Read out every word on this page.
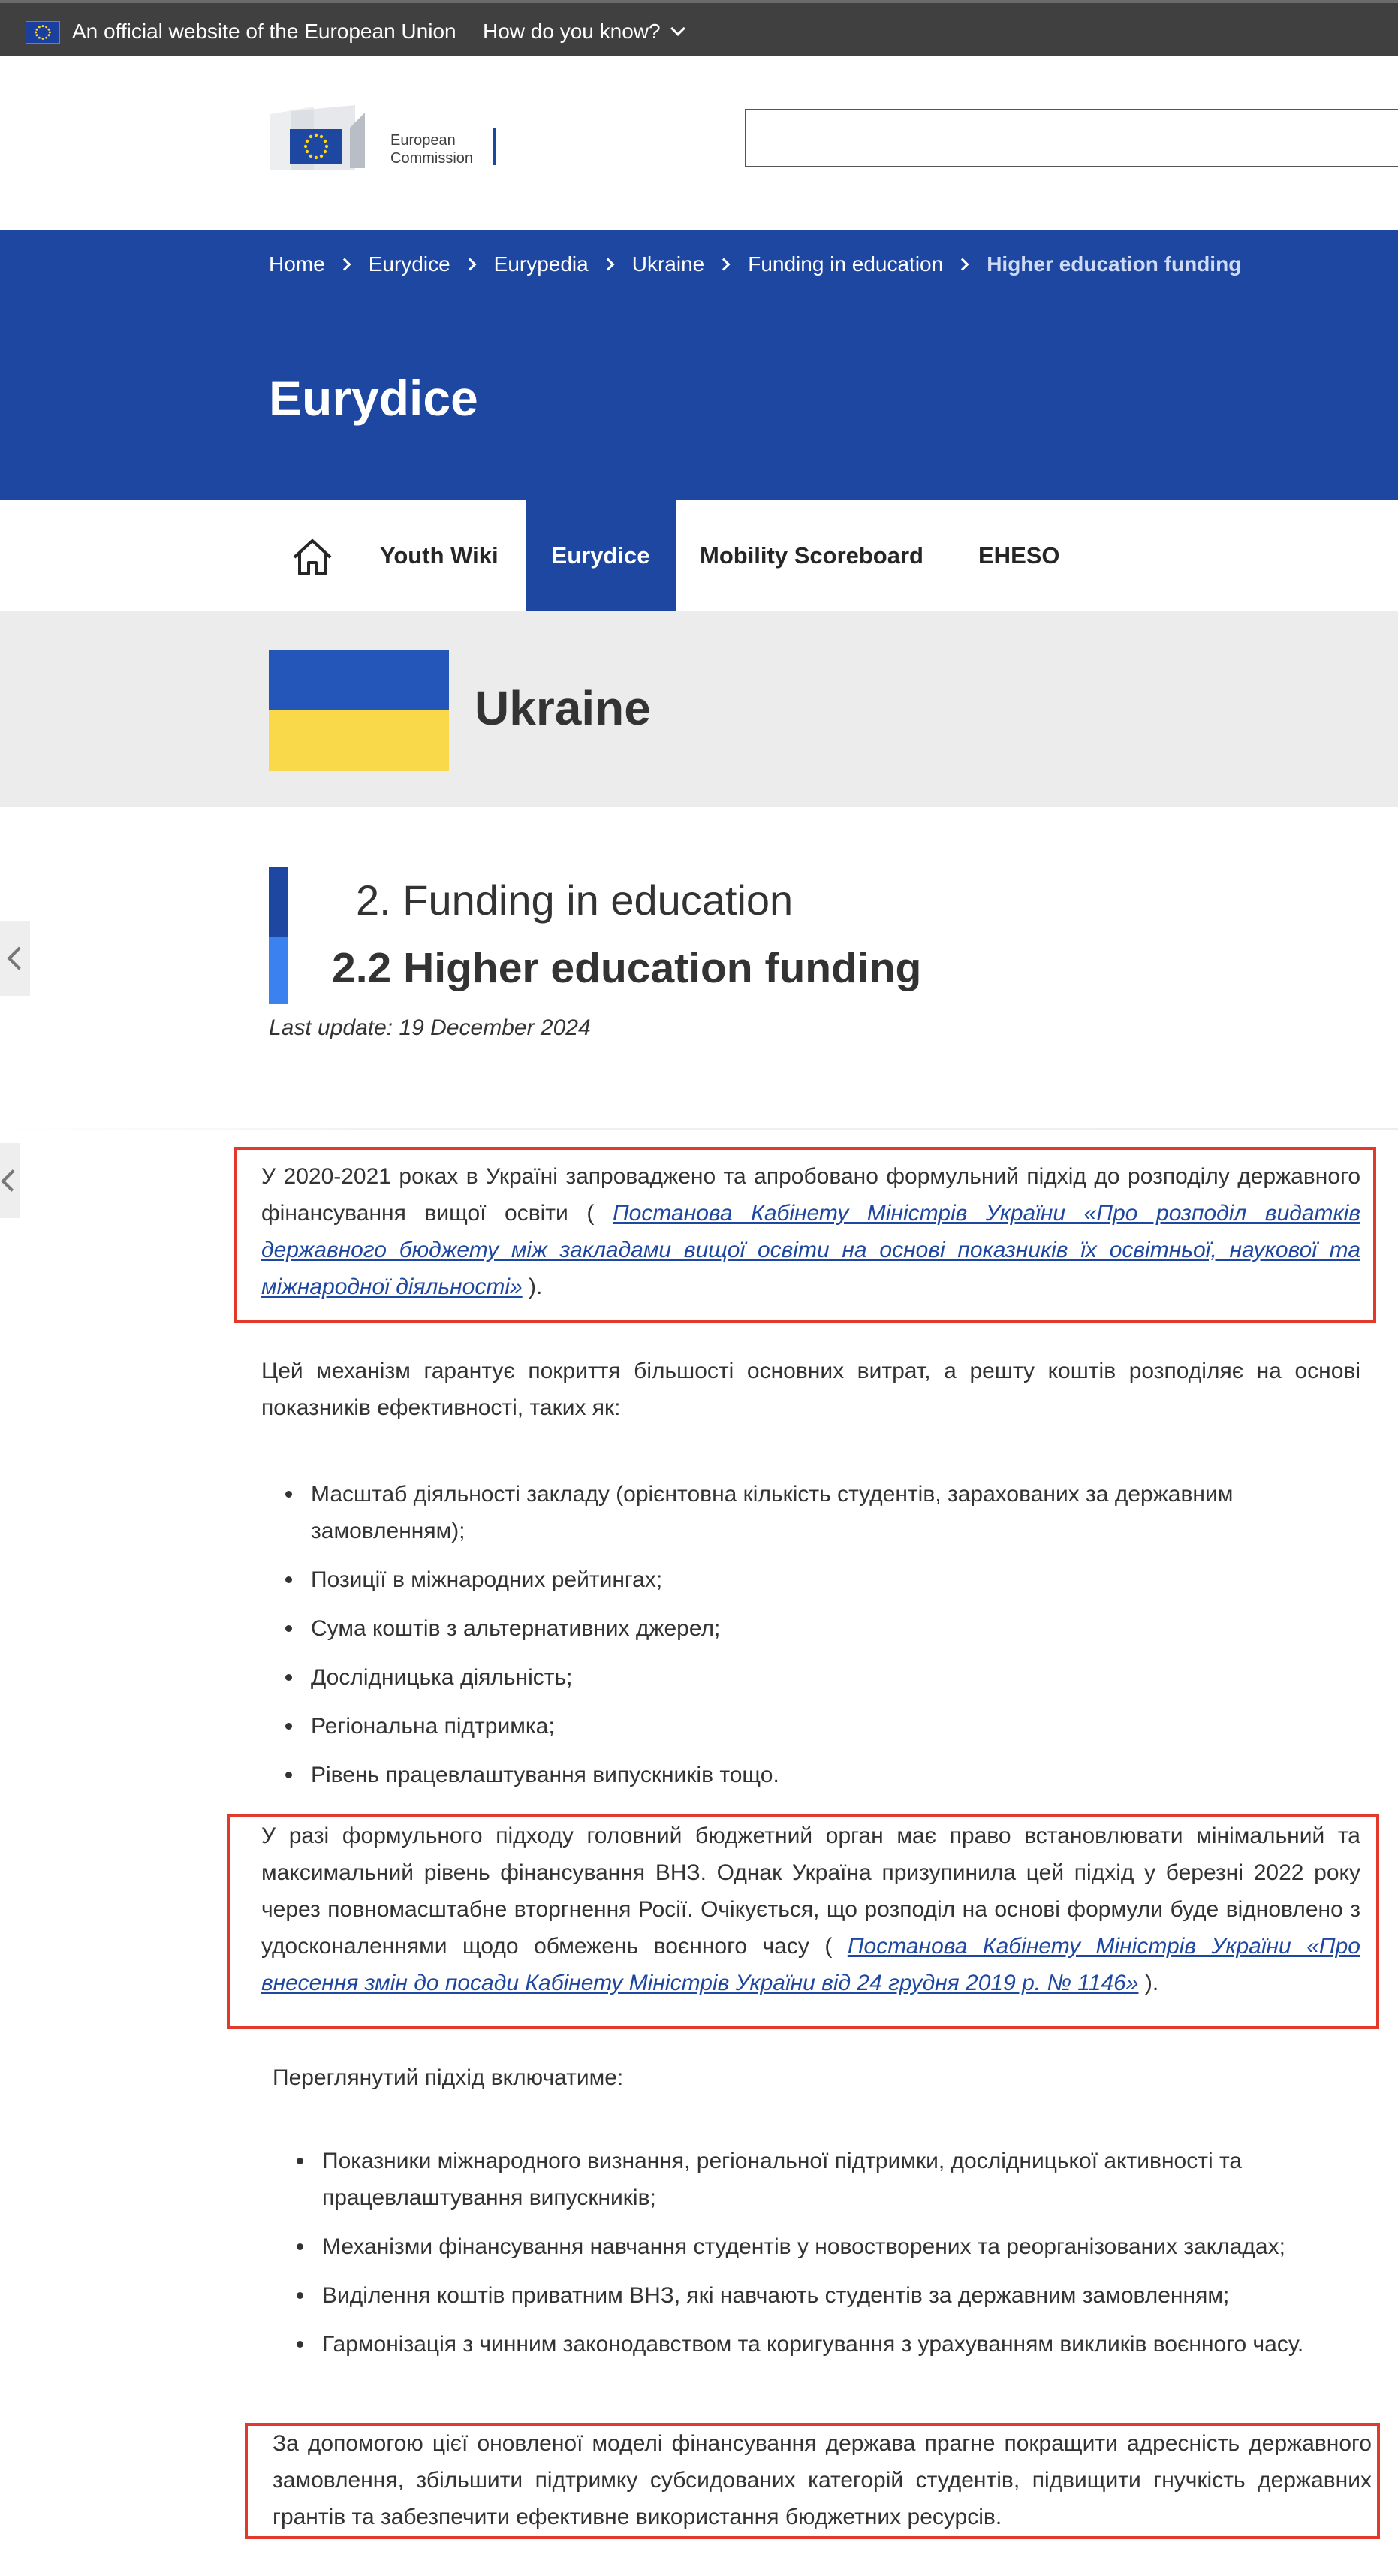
An official website of the European Union How do you know?
European
Commission
Home Eurydice Eurypedia Ukraine Funding in education Higher education funding
Eurydice
Youth Wiki	Eurydice	Mobility Scoreboard EHESO
Ukraine
2. Funding in education
2.2 Higher education funding
Last update: 19 December 2024
У 2020-2021 роках в Україні запроваджено та апробовано формульний підхід до розподілу державного фінансування вищої освіти ( Постанова Кабінету Міністрів України «Про розподіл видатків державного бюджету між закладами вищої освіти на основі показників їх освітньої, наукової та міжнародної діяльності» ).
Цей механізм гарантує покриття більшості основних витрат, а решту коштів розподіляє на основі показників ефективності, таких як:
Масштаб діяльності закладу (орієнтовна кількість студентів, зарахованих за державним замовленням);
Позиції в міжнародних рейтингах;
Сума коштів з альтернативних джерел;
Дослідницька діяльність;
Регіональна підтримка;
Рівень працевлаштування випускників тощо.
У разі формульного підходу головний бюджетний орган має право встановлювати мінімальний та максимальний рівень фінансування ВНЗ. Однак Україна призупинила цей підхід у березні 2022 року через повномасштабне вторгнення Росії. Очікується, що розподіл на основі формули буде відновлено з удосконаленнями щодо обмежень воєнного часу ( Постанова Кабінету Міністрів України «Про внесення змін до посади Кабінету Міністрів України від 24 грудня 2019 р. № 1146» ).
Переглянутий підхід включатиме:
Показники міжнародного визнання, регіональної підтримки, дослідницької активності та працевлаштування випускників;
Механізми фінансування навчання студентів у новостворених та реорганізованих закладах;
Виділення коштів приватним ВНЗ, які навчають студентів за державним замовленням;
Гармонізація з чинним законодавством та коригування з урахуванням викликів воєнного часу.
За допомогою цієї оновленої моделі фінансування держава прагне покращити адресність державного замовлення, збільшити підтримку субсидованих категорій студентів, підвищити гнучкість державних грантів та забезпечити ефективне використання бюджетних ресурсів.
